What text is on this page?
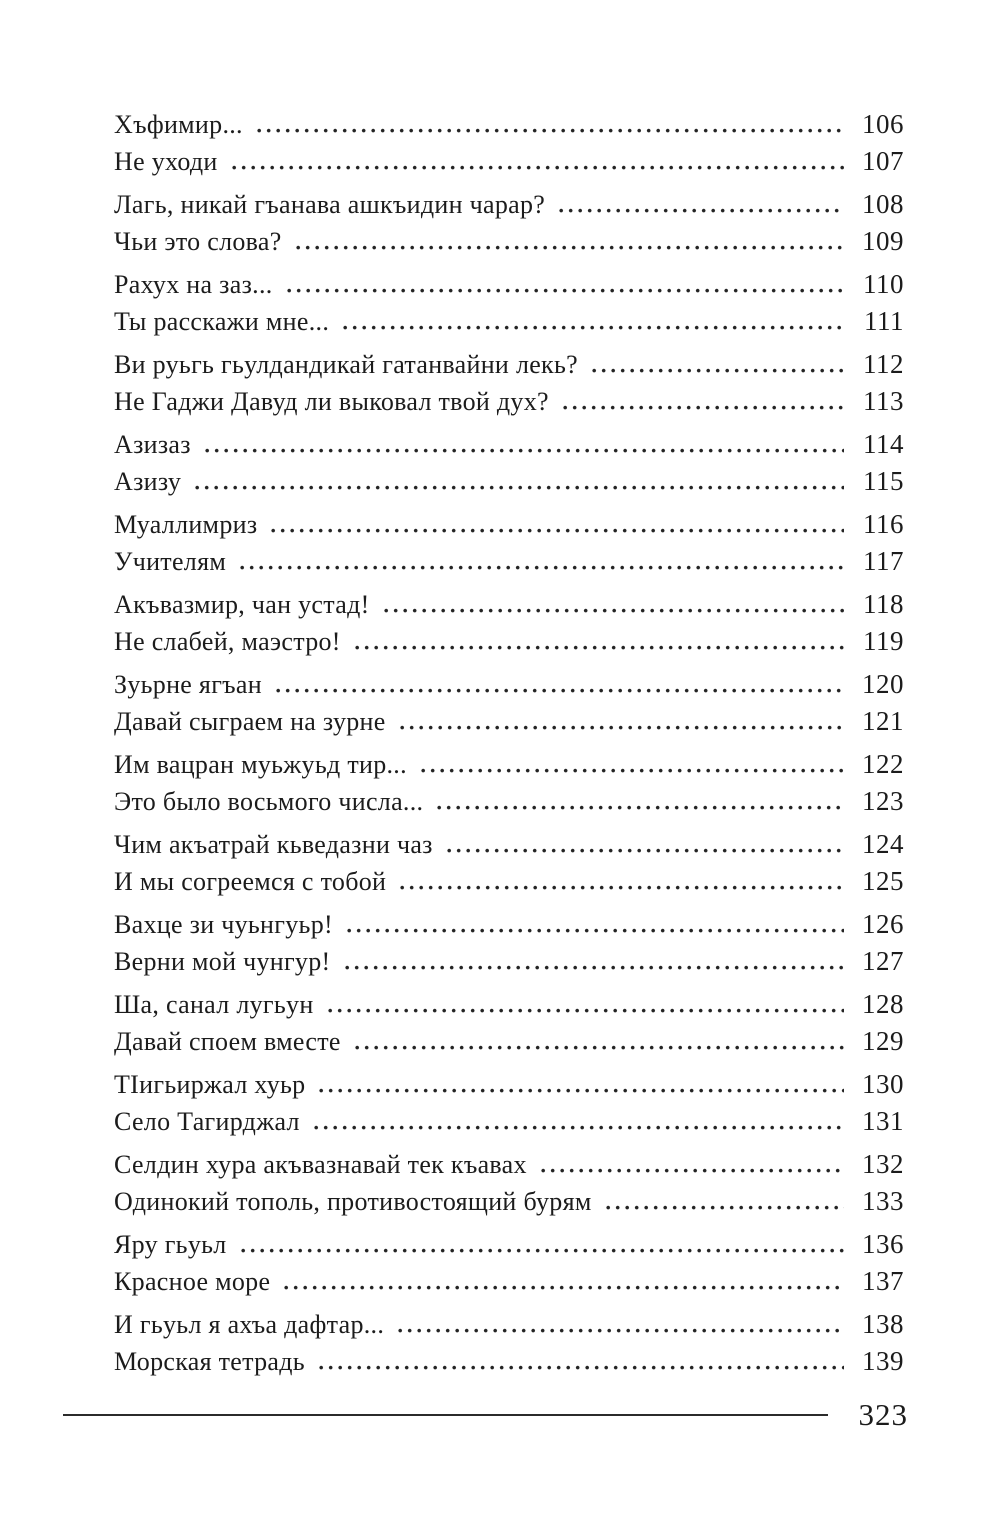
Хъфимир...	106
Не уходи	107
Лагь, никай гъанава ашкъидин чарар?	108
Чьи это слова?	109
Рахух на заз...	110
Ты расскажи мне...	111
Ви руьгь гьулдандикай гатанвайни лекь?	112
Не Гаджи Давуд ли выковал твой дух?	113
Азизаз	114
Азизу	115
Муаллимриз	116
Учителям	117
Акъвазмир, чан устад!	118
Не слабей, маэстро!	119
Зуьрне ягъан	120
Давай сыграем на зурне	121
Им вацран муьжуьд тир...	122
Это было восьмого числа...	123
Чим акъатрай кьведазни чаз	124
И мы согреемся с тобой	125
Вахце зи чуьнгуьр!	126
Верни мой чунгур!	127
Ша, санал лугьун	128
Давай споем вместе	129
ТIигьиржал хуьр	130
Село Тагирджал	131
Селдин хура акъвазнавай тек къавах	132
Одинокий тополь, противостоящий бурям	133
Яру гьуьл	136
Красное море	137
И гьуьл я ахъа дафтар...	138
Морская тетрадь	139
323
